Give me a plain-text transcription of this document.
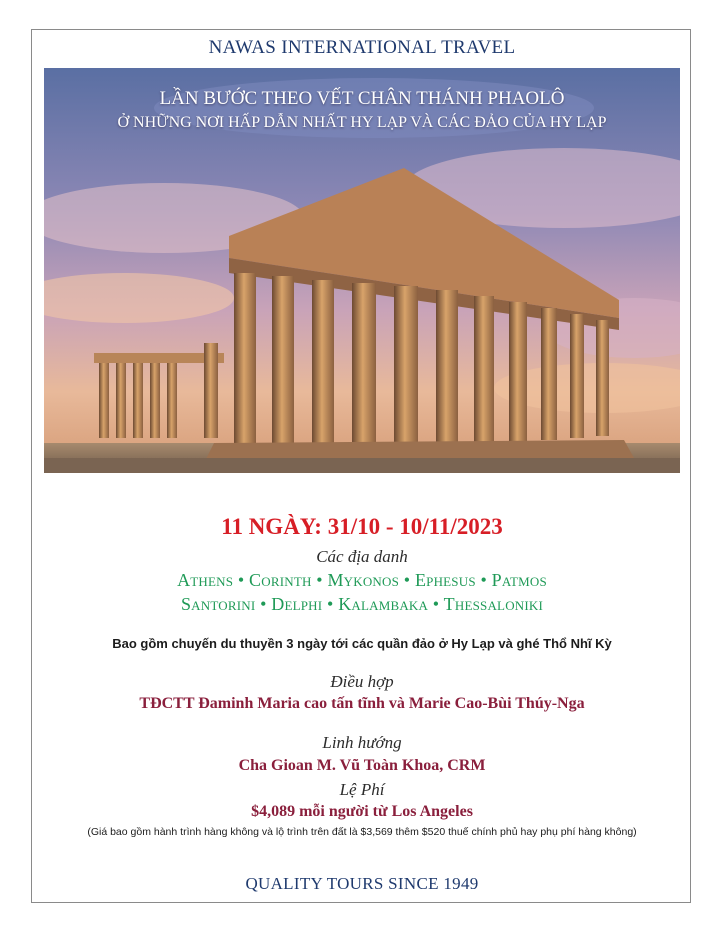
NAWAS INTERNATIONAL TRAVEL
LẦN BƯỚC THEO VẾT CHÂN THÁNH PHAOLÔ
Ở NHỮNG NƠI HẤP DẪN NHẤT HY LẠP VÀ CÁC ĐẢO CỦA HY LẠP
11 NGÀY: 31/10 - 10/11/2023
Các địa danh
Athens • Corinth • Mykonos • Ephesus • Patmos
Santorini • Delphi • Kalambaka • Thessaloniki
Bao gồm chuyến du thuyền 3 ngày tới các quần đảo ở Hy Lạp và ghé Thổ Nhĩ Kỳ
Điều hợp
TĐCTT Đaminh Maria cao tấn tĩnh và Marie Cao-Bùi Thúy-Nga
Linh hướng
Cha Gioan M. Vũ Toàn Khoa, CRM
Lệ Phí
$4,089 mỗi người từ Los Angeles
(Giá bao gồm hành trình hàng không và lộ trình trên đất là $3,569 thêm $520 thuế chính phủ hay phụ phí hàng không)
QUALITY TOURS SINCE 1949
